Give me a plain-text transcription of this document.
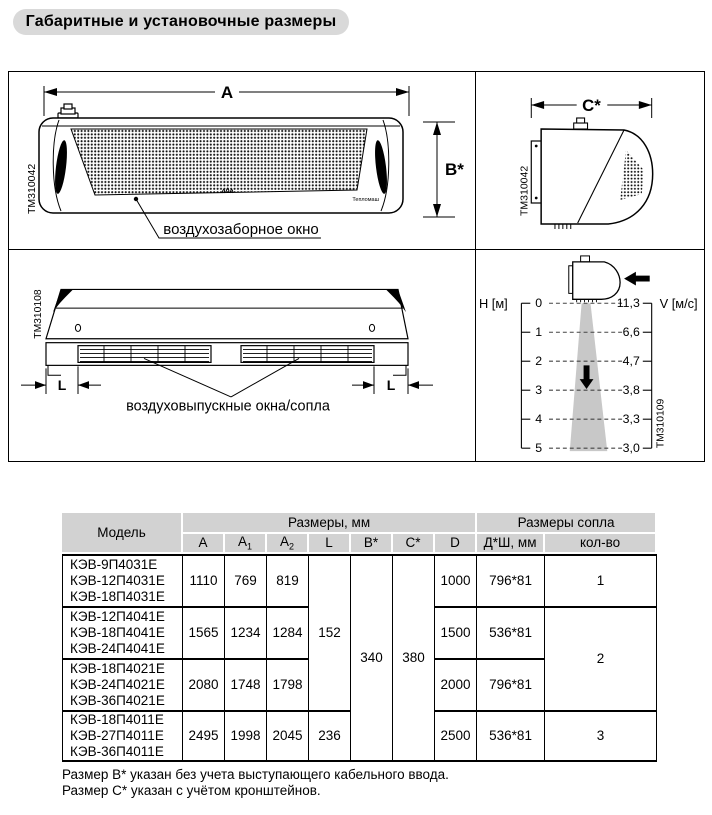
Габаритные и установочные размеры
A
Тепломаш
B*
воздухозаборное окно
ТМ310042
C*
ТМ310042
L	L
воздуховыпускные окна/сопла
ТМ310108	H [м]	V [м/с]
0
1
2
3
4
5
11,3
6,6
4,7
3,8
3,3
3,0 ТМ310109
Модель	Размеры, мм							Размеры сопла	
	A	$A_1$	$A_2$	L	B*	C*	D	Д*Ш, мм	кол-во

КЭВ-9П4031Е
КЭВ-12П4031Е
КЭВ-18П4031Е	1110	769	819	152	340	380	1000	796*81	1

КЭВ-12П4041Е
КЭВ-18П4041Е
КЭВ-24П4041Е	1565	1234	1284				1500	536*81	2

КЭВ-18П4021Е
КЭВ-24П4021Е
КЭВ-36П4021Е	2080	1748	1798				2000	796*81	

КЭВ-18П4011Е
КЭВ-27П4011Е
КЭВ-36П4011Е	2495	1998	2045	236			2500	536*81	3
Размер B* указан без учета выступающего кабельного ввода.
Размер C* указан с учётом кронштейнов.
